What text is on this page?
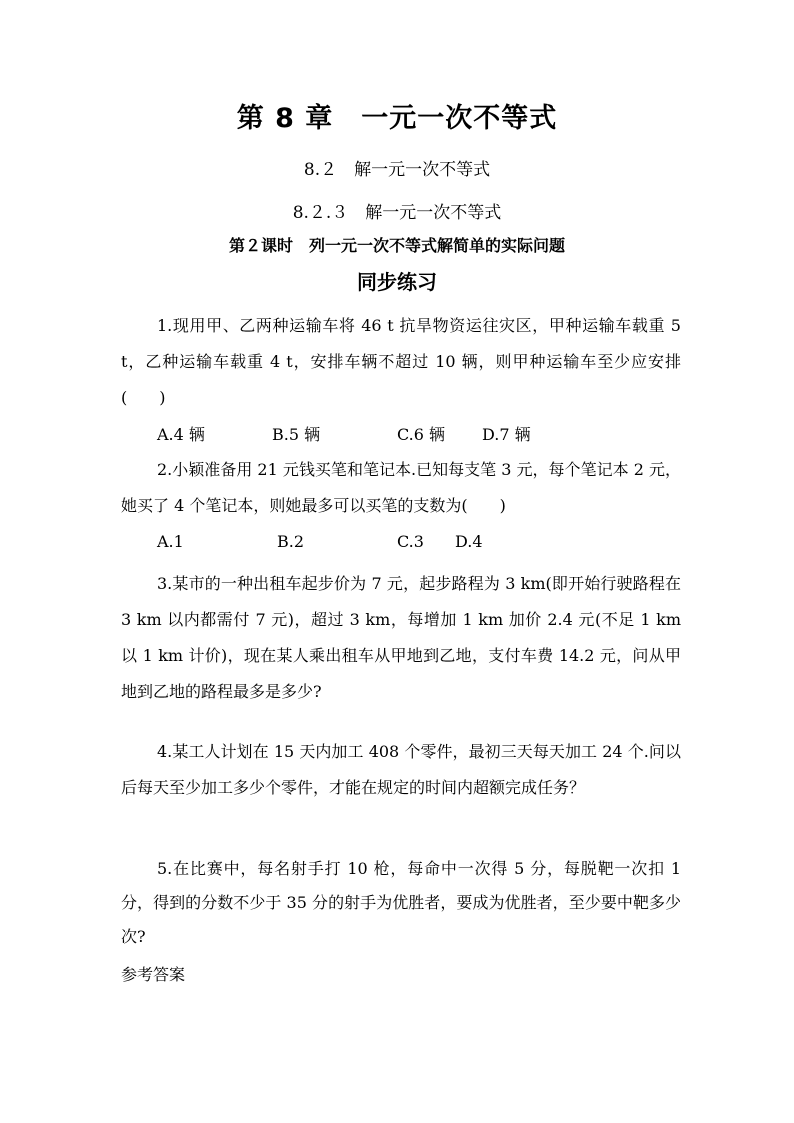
第 8 章　一元一次不等式
8.２　解一元一次不等式
8.２.３　解一元一次不等式
第２课时　列一元一次不等式解简单的实际问题
同步练习
1.现用甲、乙两种运输车将 46 t 抗旱物资运往灾区，甲种运输车载重 5 t，乙种运输车载重 4 t，安排车辆不超过 10 辆，则甲种运输车至少应安排(　　)
A.4 辆	B.5 辆	C.6 辆 D.7 辆
2.小颖准备用 21 元钱买笔和笔记本.已知每支笔 3 元，每个笔记本 2 元，她买了 4 个笔记本，则她最多可以买笔的支数为(　　)
A.1	B.2	C.3 D.4
3.某市的一种出租车起步价为 7 元，起步路程为 3 km(即开始行驶路程在 3 km 以内都需付 7 元)，超过 3 km，每增加 1 km 加价 2.4 元(不足 1 km 以 1 km 计价)，现在某人乘出租车从甲地到乙地，支付车费 14.2 元，问从甲地到乙地的路程最多是多少?
4.某工人计划在 15 天内加工 408 个零件，最初三天每天加工 24 个.问以后每天至少加工多少个零件，才能在规定的时间内超额完成任务？
5.在比赛中，每名射手打 10 枪，每命中一次得 5 分，每脱靶一次扣 1 分，得到的分数不少于 35 分的射手为优胜者，要成为优胜者，至少要中靶多少次?
参考答案
